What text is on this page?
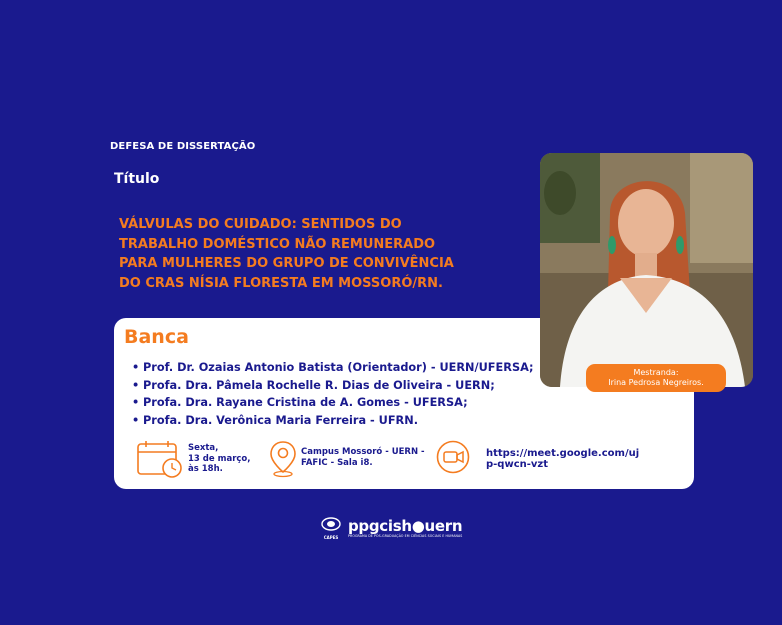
DEFESA DE DISSERTAÇÃO
Título
VÁLVULAS DO CUIDADO: SENTIDOS DO TRABALHO DOMÉSTICO NÃO REMUNERADO PARA MULHERES DO GRUPO DE CONVIVÊNCIA DO CRAS NÍSIA FLORESTA EM MOSSORÓ/RN.
Banca
• Prof. Dr. Ozaias Antonio Batista (Orientador) - UERN/UFERSA;
• Profa. Dra. Pâmela Rochelle R. Dias de Oliveira - UERN;
• Profa. Dra. Rayane Cristina de A. Gomes - UFERSA;
• Profa. Dra. Verônica Maria Ferreira - UFRN.
Sexta,
13 de março,
às 18h.
Campus Mossoró - UERN -
FAFIC - Sala i8.
https://meet.google.com/uj
p-qwcn-vzt
Mestranda:
Irina Pedrosa Negreiros.
CAPES
ppgcish●uern
PROGRAMA DE PÓS-GRADUAÇÃO EM CIÊNCIAS SOCIAIS E HUMANAS
